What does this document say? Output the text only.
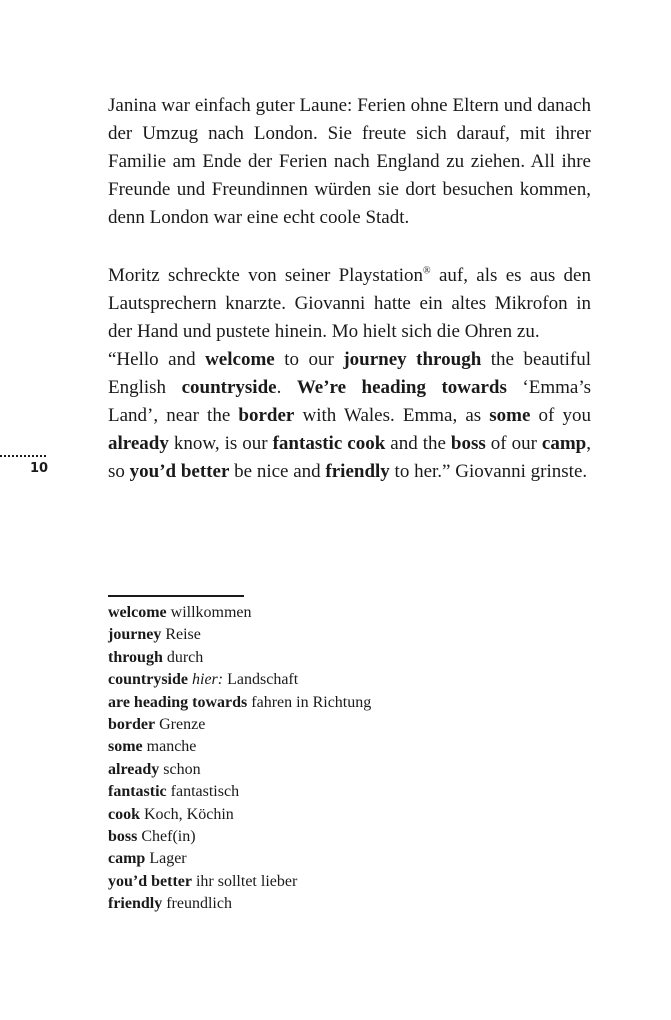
Janina war einfach guter Laune: Ferien ohne Eltern und danach der Umzug nach London. Sie freute sich darauf, mit ihrer Familie am Ende der Ferien nach England zu ziehen. All ihre Freunde und Freundinnen würden sie dort besuchen kommen, denn London war eine echt coole Stadt.

Moritz schreckte von seiner Playstation® auf, als es aus den Lautsprechern knarzte. Giovanni hatte ein altes Mikrofon in der Hand und pustete hinein. Mo hielt sich die Ohren zu.

“Hello and welcome to our journey through the beautiful English countryside. We’re heading towards ‘Emma’s Land’, near the border with Wales. Emma, as some of you already know, is our fantastic cook and the boss of our camp, so you’d better be nice and friendly to her.” Giovanni grinste.

10
welcome willkommen
journey Reise
through durch
countryside hier: Landschaft
are heading towards fahren in Richtung
border Grenze
some manche
already schon
fantastic fantastisch
cook Koch, Köchin
boss Chef(in)
camp Lager
you’d better ihr solltet lieber
friendly freundlich
